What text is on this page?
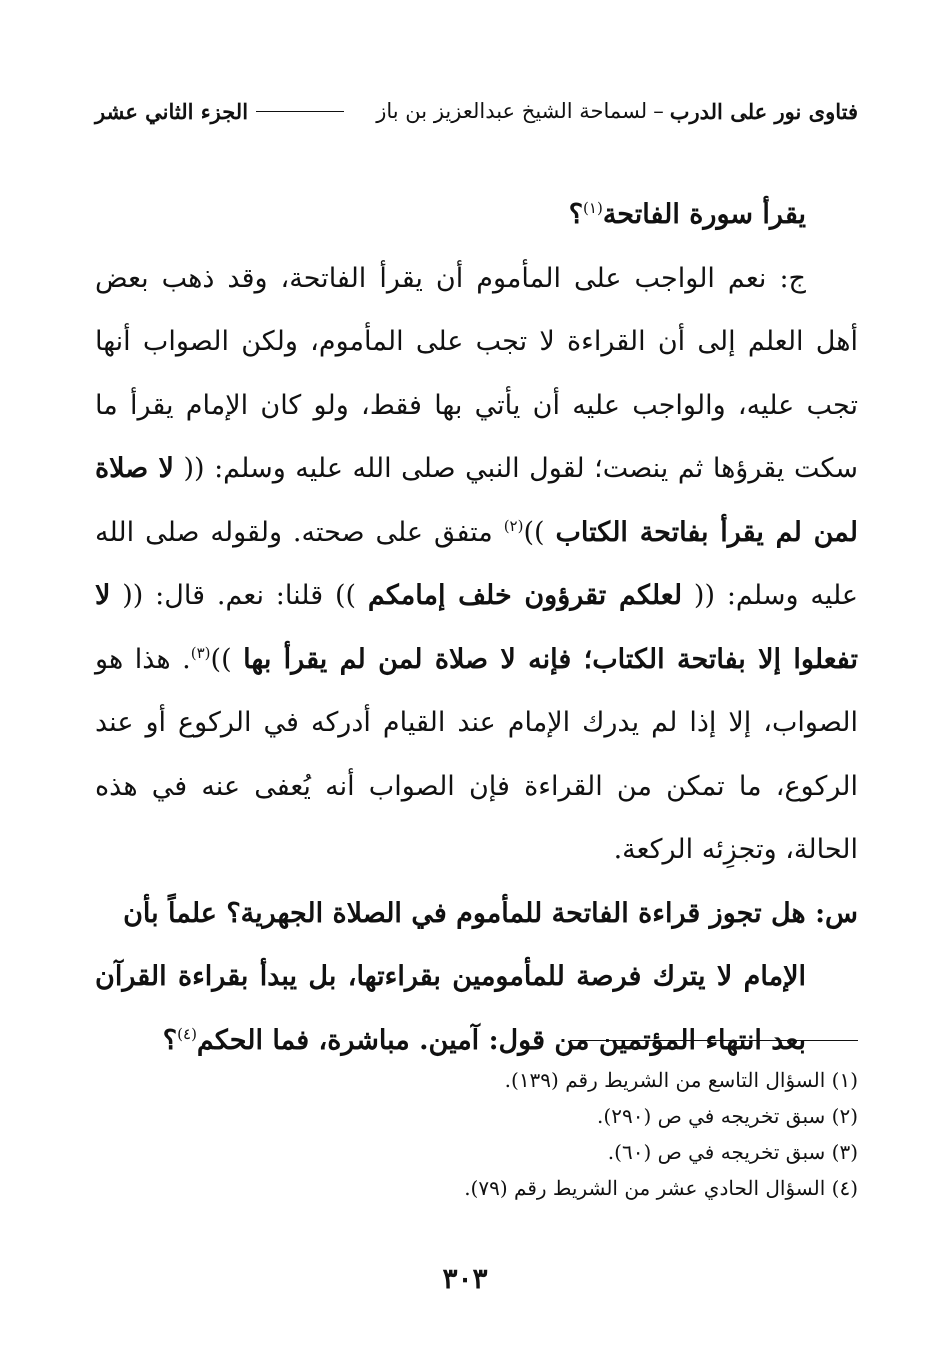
فتاوى نور على الدرب
–
لسماحة الشيخ عبدالعزيز بن باز
الجزء الثاني عشر

يقرأ سورة الفاتحة$^{(١)}$؟

ج: نعم الواجب على المأموم أن يقرأ الفاتحة، وقد ذهب بعض أهل العلم إلى أن القراءة لا تجب على المأموم، ولكن الصواب أنها تجب عليه، والواجب عليه أن يأتي بها فقط، ولو كان الإمام يقرأ ما سكت يقرؤها ثم ينصت؛ لقول النبي صلى الله عليه وسلم: (( لا صلاة لمن لم يقرأ بفاتحة الكتاب ))$^{(٢)}$ متفق على صحته. ولقوله صلى الله عليه وسلم: (( لعلكم تقرؤون خلف إمامكم )) قلنا: نعم. قال: (( لا تفعلوا إلا بفاتحة الكتاب؛ فإنه لا صلاة لمن لم يقرأ بها ))$^{(٣)}$. هذا هو الصواب، إلا إذا لم يدرك الإمام عند القيام أدركه في الركوع أو عند الركوع، ما تمكن من القراءة فإن الصواب أنه يُعفى عنه في هذه الحالة، وتجزِئه الركعة.

س: هل تجوز قراءة الفاتحة للمأموم في الصلاة الجهرية؟ علماً بأن
الإمام لا يترك فرصة للمأمومين بقراءتها، بل يبدأ بقراءة القرآن بعد انتهاء المؤتمين من قول: آمين. مباشرة، فما الحكم$^{(٤)}$؟

(١) السؤال التاسع من الشريط رقم (١٣٩).
(٢) سبق تخريجه في ص (٢٩٠).
(٣) سبق تخريجه في ص (٦٠).
(٤) السؤال الحادي عشر من الشريط رقم (٧٩).
٣٠٣
